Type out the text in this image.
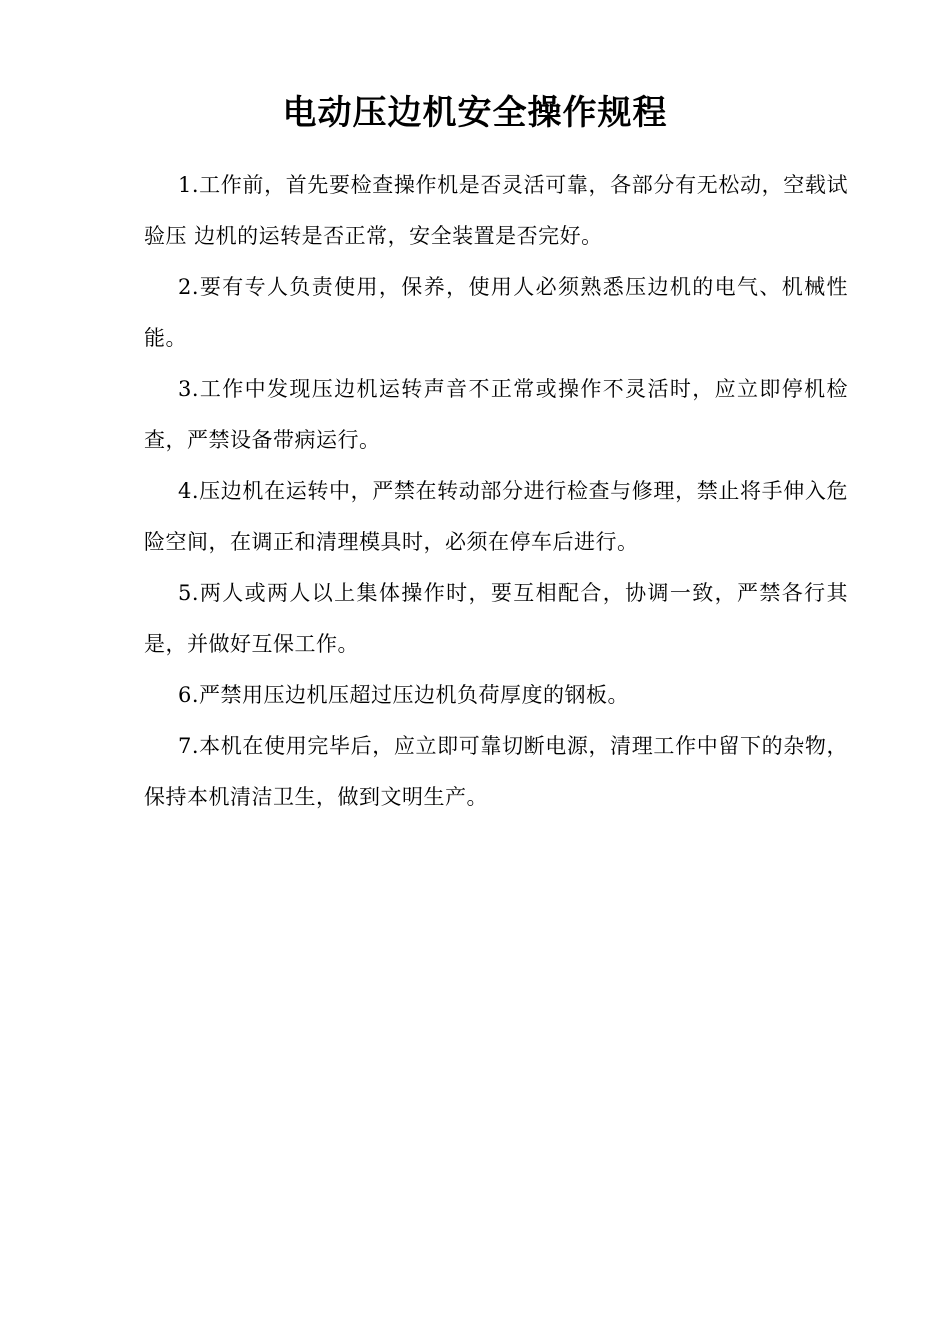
电动压边机安全操作规程

1.工作前，首先要检查操作机是否灵活可靠，各部分有无松动，空载试验压 边机的运转是否正常，安全装置是否完好。

2.要有专人负责使用，保养，使用人必须熟悉压边机的电气、机械性能。

3.工作中发现压边机运转声音不正常或操作不灵活时，应立即停机检查，严禁设备带病运行。

4.压边机在运转中，严禁在转动部分进行检查与修理，禁止将手伸入危险空间，在调正和清理模具时，必须在停车后进行。

5.两人或两人以上集体操作时，要互相配合，协调一致，严禁各行其是，并做好互保工作。

6.严禁用压边机压超过压边机负荷厚度的钢板。

7.本机在使用完毕后，应立即可靠切断电源，清理工作中留下的杂物，保持本机清洁卫生，做到文明生产。
